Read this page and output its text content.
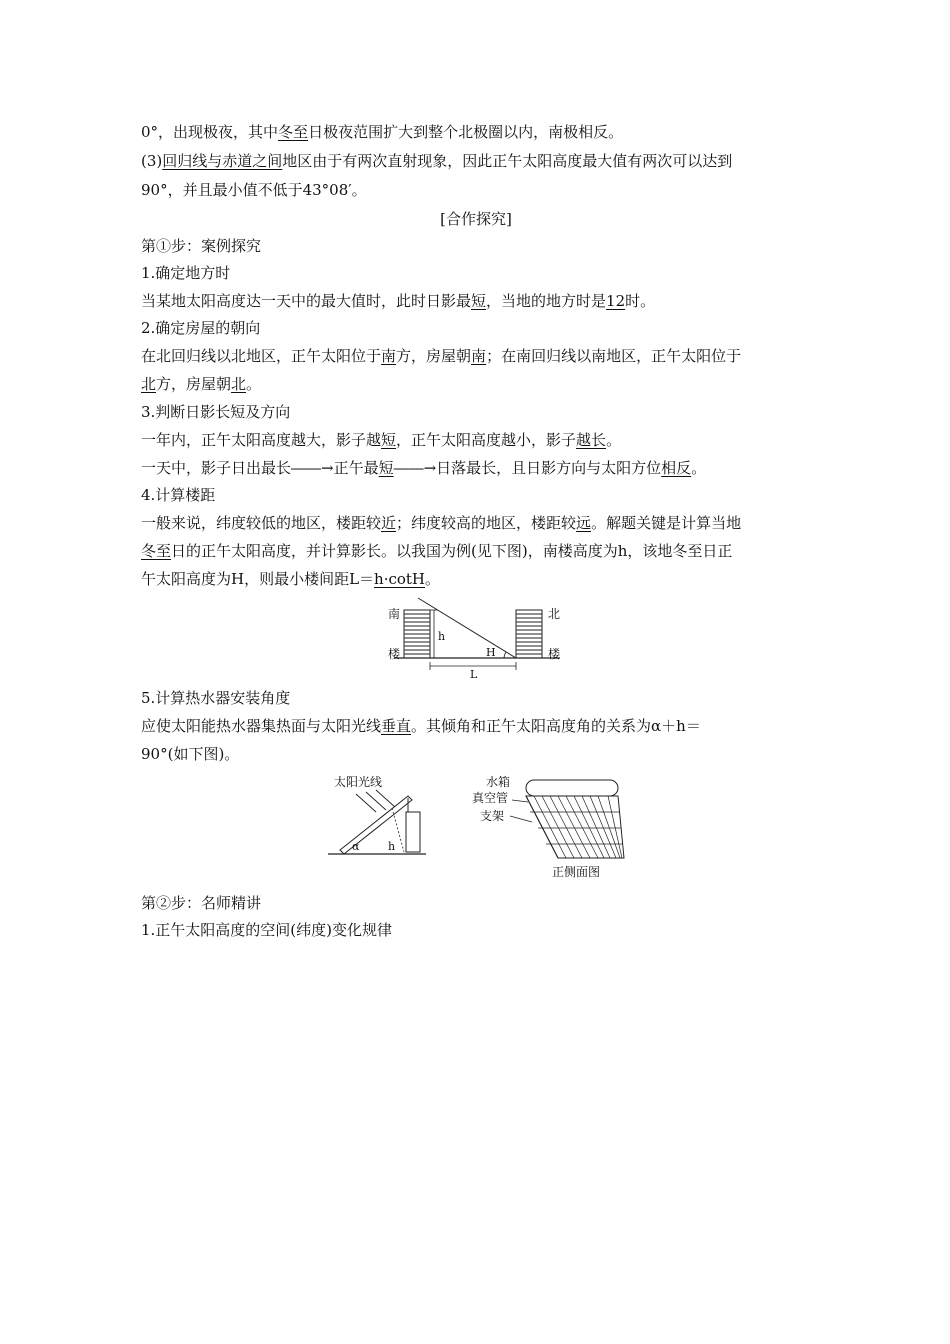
0°，出现极夜，其中冬至日极夜范围扩大到整个北极圈以内，南极相反。
(3)回归线与赤道之间地区由于有两次直射现象，因此正午太阳高度最大值有两次可以达到
90°，并且最小值不低于43°08′。
[合作探究]
第①步：案例探究
1.确定地方时
当某地太阳高度达一天中的最大值时，此时日影最短，当地的地方时是12时。
2.确定房屋的朝向
在北回归线以北地区，正午太阳位于南方，房屋朝南；在南回归线以南地区，正午太阳位于
北方，房屋朝北。
3.判断日影长短及方向
一年内，正午太阳高度越大，影子越短，正午太阳高度越小，影子越长。
一天中，影子日出最长――→正午最短――→日落最长，且日影方向与太阳方位相反。
4.计算楼距
一般来说，纬度较低的地区，楼距较近；纬度较高的地区，楼距较远。解题关键是计算当地
冬至日的正午太阳高度，并计算影长。以我国为例(见下图)，南楼高度为h，该地冬至日正
午太阳高度为H，则最小楼间距L＝h·cotH。
南
楼
北
楼
h
H
L
5.计算热水器安装角度
应使太阳能热水器集热面与太阳光线垂直。其倾角和正午太阳高度角的关系为α＋h＝
90°(如下图)。
太阳光线
α	h
水箱
真空管
支架
正侧面图
第②步：名师精讲
1.正午太阳高度的空间(纬度)变化规律
